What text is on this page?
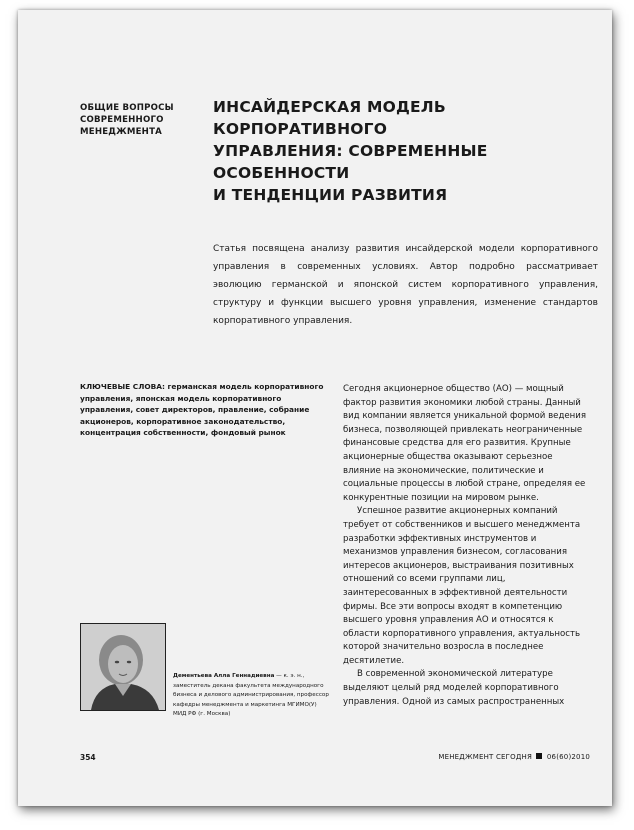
ОБЩИЕ ВОПРОСЫ
СОВРЕМЕННОГО
МЕНЕДЖМЕНТА
ИНСАЙДЕРСКАЯ МОДЕЛЬ КОРПОРАТИВНОГО
УПРАВЛЕНИЯ: СОВРЕМЕННЫЕ ОСОБЕННОСТИ
И ТЕНДЕНЦИИ РАЗВИТИЯ
Статья посвящена анализу развития инсайдерской модели корпоративного управления в современных условиях. Автор подробно рассматривает эволюцию германской и японской систем корпоративного управления, структуру и функции высшего уровня управления, изменение стандартов корпоративного управления.
КЛЮЧЕВЫЕ СЛОВА: германская модель корпоративного управления, японская модель корпоративного управления, совет директоров, правление, собрание акционеров, корпоративное законодательство, концентрация собственности, фондовый рынок

Сегодня акционерное общество (АО) — мощный фактор развития экономики любой страны. Данный вид компании является уникальной формой ведения бизнеса, позволяющей привлекать неограниченные финансовые средства для его развития. Крупные акционерные общества оказывают серьезное влияние на экономические, политические и социальные процессы в любой стране, определяя ее конкурентные позиции на мировом рынке.

Успешное развитие акционерных компаний требует от собственников и высшего менеджмента разработки эффективных инструментов и механизмов управления бизнесом, согласования интересов акционеров, выстраивания позитивных отношений со всеми группами лиц, заинтересованных в эффективной деятельности фирмы. Все эти вопросы входят в компетенцию высшего уровня управления АО и относятся к области корпоративного управления, актуальность которой значительно возросла в последнее десятилетие.

В современной экономической литературе выделяют целый ряд моделей корпоративного управления. Одной из самых распространенных

Дементьева Алла Геннадиевна — к. э. н., заместитель декана факультета международного бизнеса и делового администрирования, профессор кафедры менеджмента и маркетинга МГИМО(У) МИД РФ (г. Москва)
354	МЕНЕДЖМЕНТ СЕГОДНЯ 06(60)2010
